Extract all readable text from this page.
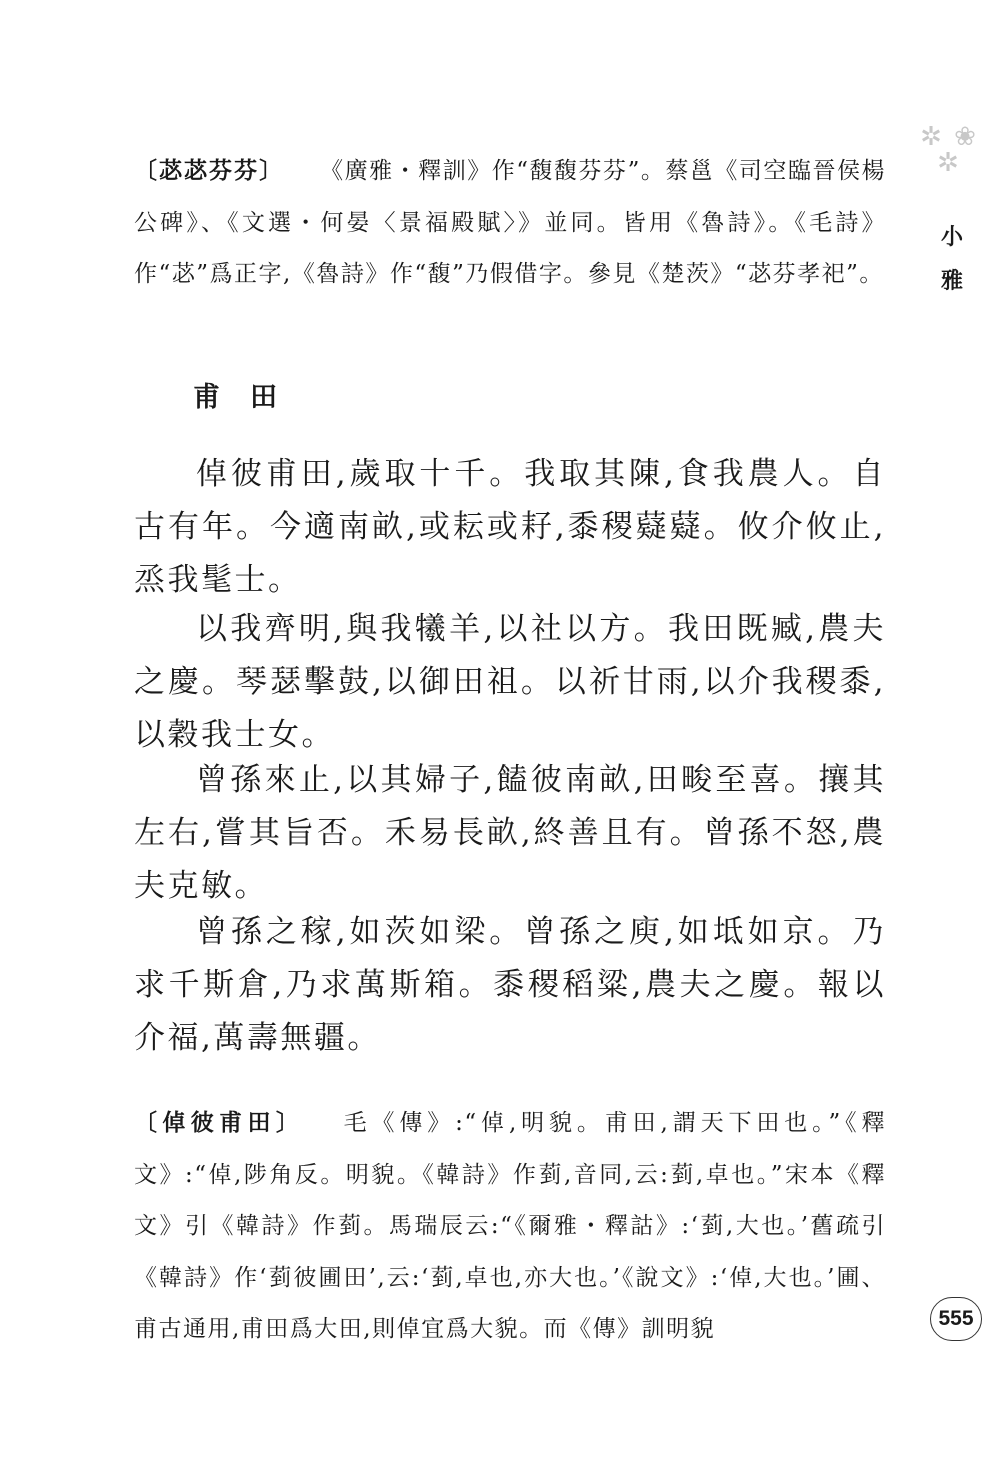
✲ ❀ ✲
小雅

〔苾苾芬芬〕 《廣雅・釋訓》作“馥馥芬芬”。蔡邕《司空臨晉侯楊公碑》、《文選・何晏〈景福殿賦〉》並同。皆用《魯詩》。《毛詩》作“苾”爲正字,《魯詩》作“馥”乃假借字。參見《楚茨》“苾芬孝祀”。

甫田

倬彼甫田,歲取十千。我取其陳,食我農人。自古有年。今適南畝,或耘或耔,黍稷薿薿。攸介攸止,烝我髦士。

以我齊明,與我犧羊,以社以方。我田既臧,農夫之慶。琴瑟擊鼓,以御田祖。以祈甘雨,以介我稷黍,以穀我士女。

曾孫來止,以其婦子,饁彼南畝,田畯至喜。攘其左右,嘗其旨否。禾易長畝,終善且有。曾孫不怒,農夫克敏。

曾孫之稼,如茨如梁。曾孫之庾,如坻如京。乃求千斯倉,乃求萬斯箱。黍稷稻粱,農夫之慶。報以介福,萬壽無疆。

〔倬彼甫田〕 毛《傳》:“倬,明貌。甫田,謂天下田也。”《釋文》:“倬,陟角反。明貌。《韓詩》作菿,音同,云:菿,卓也。”宋本《釋文》引《韓詩》作菿。馬瑞辰云:“《爾雅・釋詁》:‘菿,大也。’舊疏引《韓詩》作‘菿彼圃田’,云:‘菿,卓也,亦大也。’《說文》:‘倬,大也。’圃、甫古通用,甫田爲大田,則倬宜爲大貌。而《傳》訓明貌	555
